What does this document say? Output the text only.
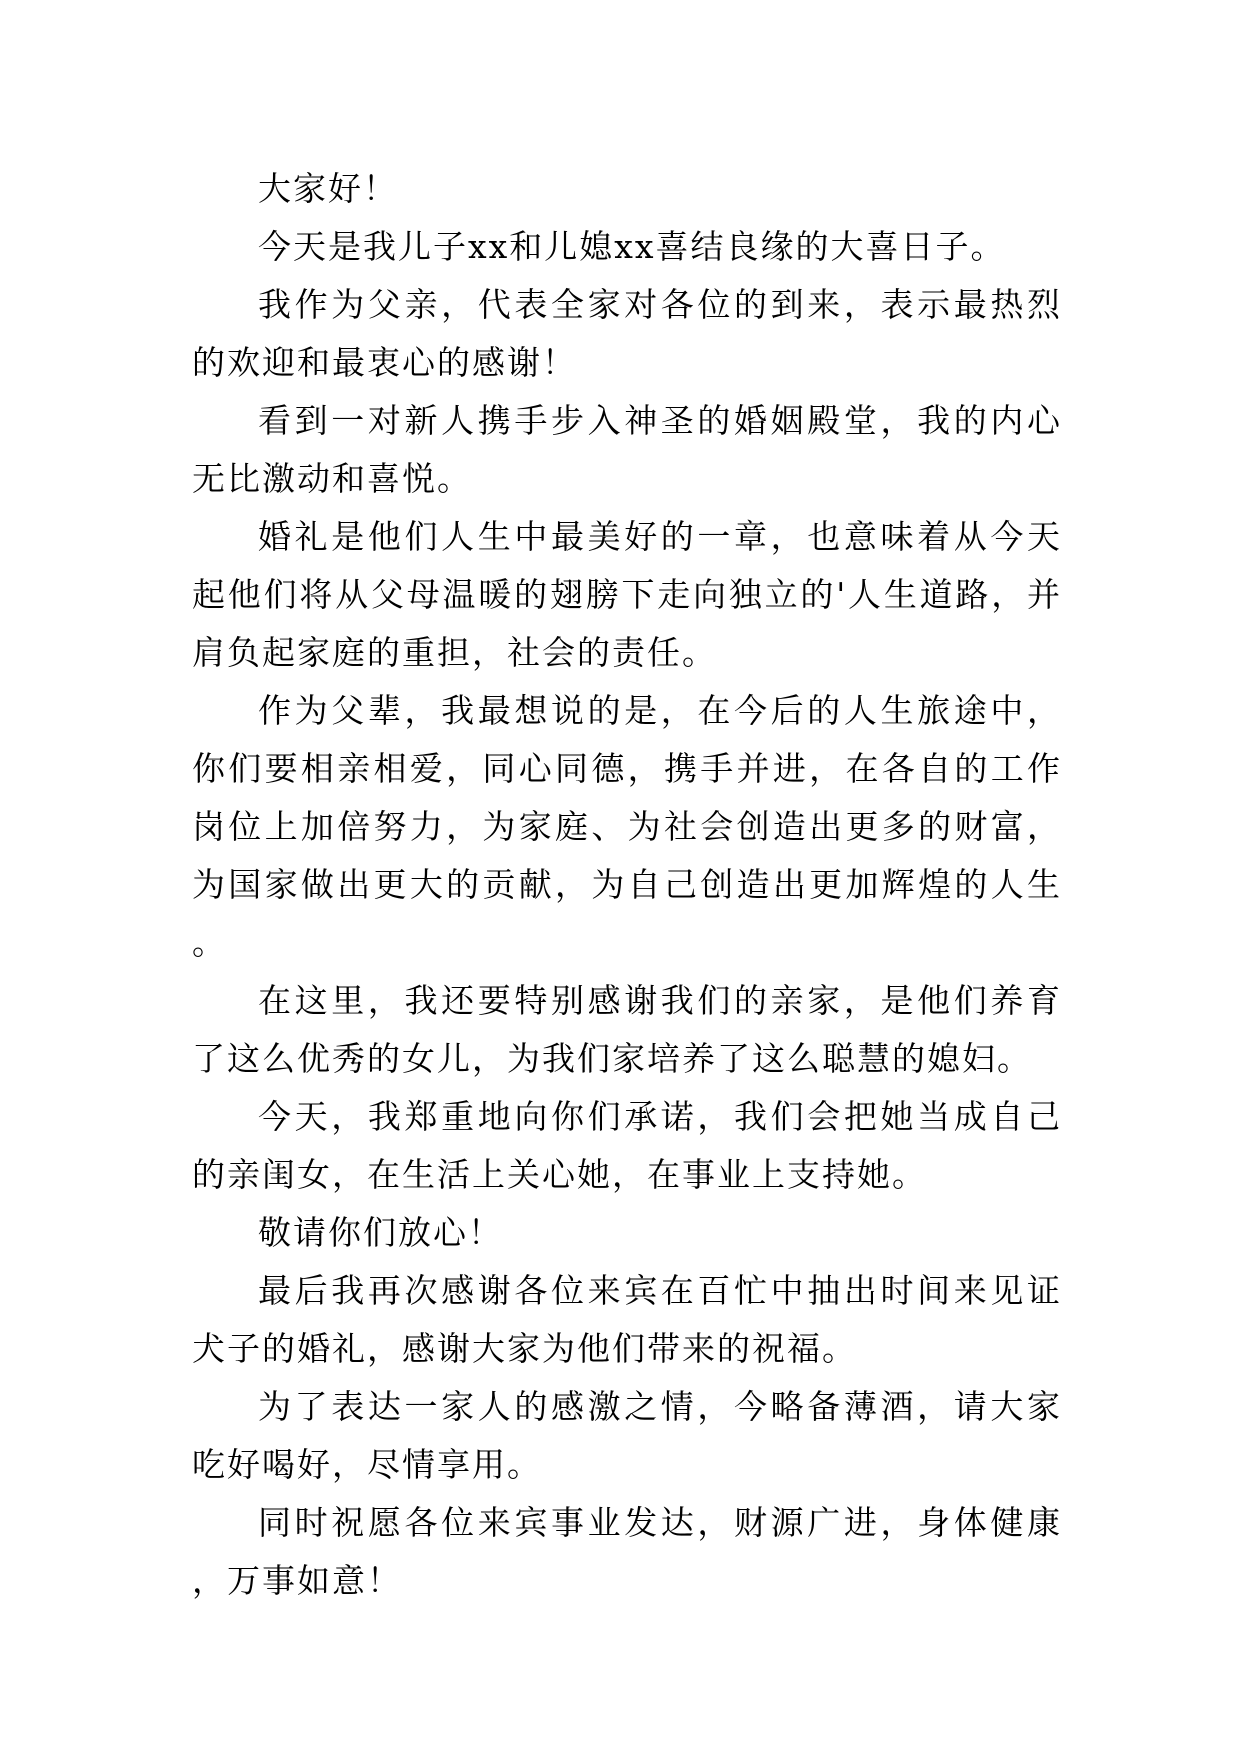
大家好！

今天是我儿子xx和儿媳xx喜结良缘的大喜日子。

我作为父亲，代表全家对各位的到来，表示最热烈的欢迎和最衷心的感谢！

看到一对新人携手步入神圣的婚姻殿堂，我的内心无比激动和喜悦。

婚礼是他们人生中最美好的一章，也意味着从今天起他们将从父母温暖的翅膀下走向独立的'人生道路，并肩负起家庭的重担，社会的责任。

作为父辈，我最想说的是，在今后的人生旅途中，你们要相亲相爱，同心同德，携手并进，在各自的工作岗位上加倍努力，为家庭、为社会创造出更多的财富，为国家做出更大的贡献，为自己创造出更加辉煌的人生。

在这里，我还要特别感谢我们的亲家，是他们养育了这么优秀的女儿，为我们家培养了这么聪慧的媳妇。

今天，我郑重地向你们承诺，我们会把她当成自己的亲闺女，在生活上关心她，在事业上支持她。

敬请你们放心！

最后我再次感谢各位来宾在百忙中抽出时间来见证犬子的婚礼，感谢大家为他们带来的祝福。

为了表达一家人的感激之情，今略备薄酒，请大家吃好喝好，尽情享用。

同时祝愿各位来宾事业发达，财源广进，身体健康，万事如意！
